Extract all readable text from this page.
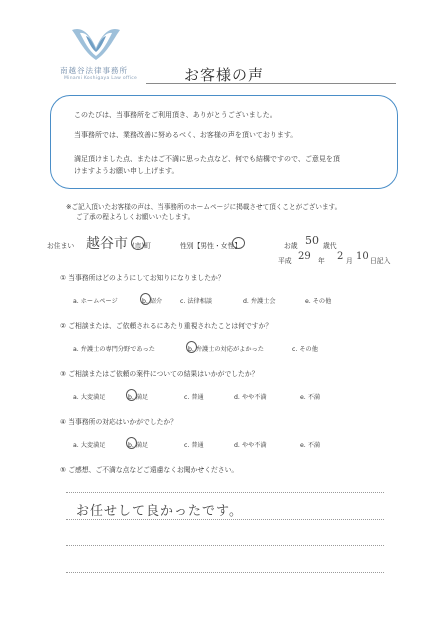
南越谷法律事務所
Minami Koshigaya Law office	お客様の声
このたびは、当事務所をご利用頂き、ありがとうございました。
当事務所では、業務改善に努めるべく、お客様の声を頂いております。
満足頂けました点、またはご不満に思った点など、何でも結構ですので、ご意見を頂
けますようお願い申し上げます。
※ご記入頂いたお客様の声は、当事務所のホームページに掲載させて頂くことがございます。
ご了承の程よろしくお願いいたします。
お住まい 越谷市 (市)町	性別【男性・女性】	お歳 50 歳代
平成 29 年 2 月 10 日記入
① 当事務所はどのようにしてお知りになりましたか？
a. ホームページ	b. 紹介	c. 法律相談	d. 弁護士会	e. その他
② ご相談または、ご依頼されるにあたり重視されたことは何ですか？
a. 弁護士の専門分野であった	b. 弁護士の対応がよかった	c. その他
③ ご相談またはご依頼の案件についての結果はいかがでしたか？
a. 大変満足	b. 満足	c. 普通	d. やや不満	e. 不満
④ 当事務所の対応はいかがでしたか？
a. 大変満足	b. 満足	c. 普通	d. やや不満	e. 不満
⑤ ご感想、ご不満な点などご遠慮なくお聞かせください。
お任せして良かったです。
